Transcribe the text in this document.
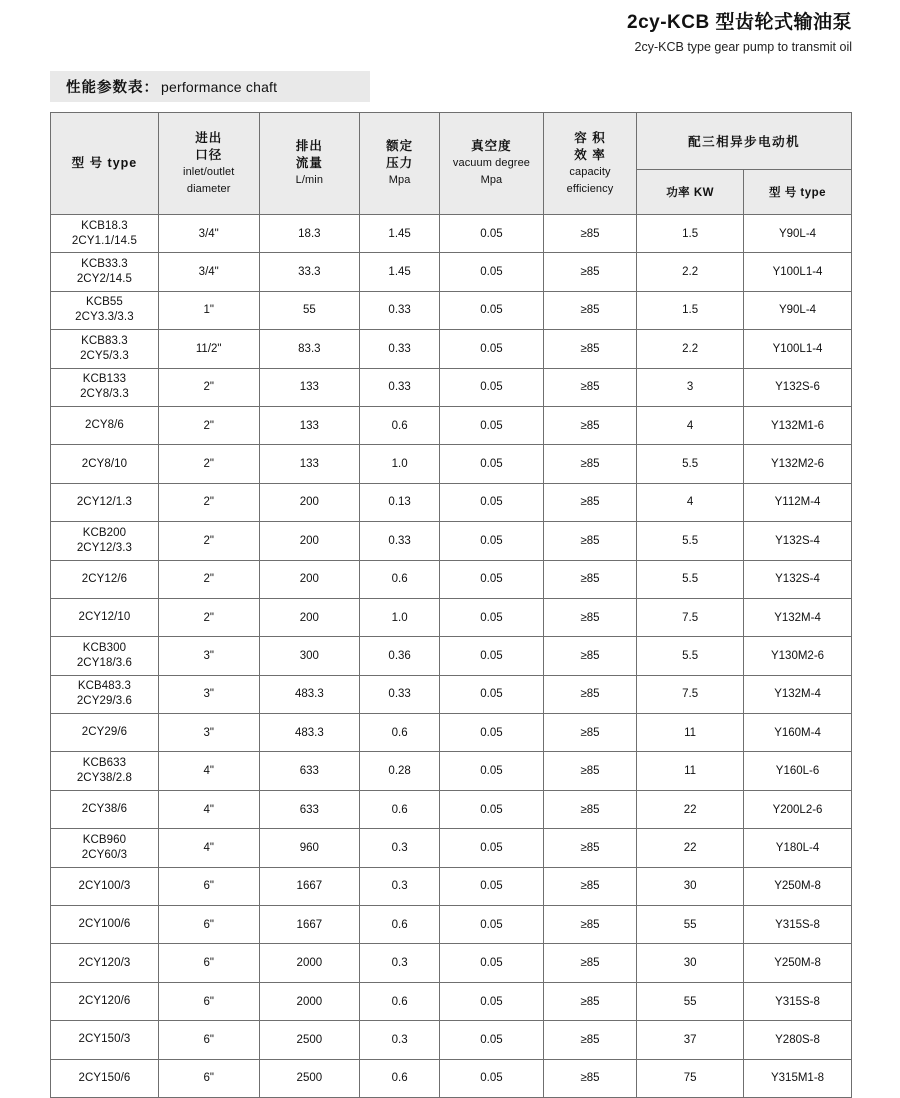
2cy-KCB 型齿轮式输油泵
2cy-KCB type gear pump to transmit oil
性能参数表： performance chaft
型 号 type	进出
口径
inlet/outlet
diameter	排出
流量
L/min	额定
压力
Mpa	真空度
vacuum degree
Mpa	容 积
效 率
capacity
efficiency	配三相异步电动机	
						功率 KW	型 号 type

KCB18.3
2CY1.1/14.5	3/4"	18.3	1.45	0.05	≥85	1.5	Y90L-4

KCB33.3
2CY2/14.5	3/4"	33.3	1.45	0.05	≥85	2.2	Y100L1-4

KCB55
2CY3.3/3.3	1"	55	0.33	0.05	≥85	1.5	Y90L-4

KCB83.3
2CY5/3.3	11/2"	83.3	0.33	0.05	≥85	2.2	Y100L1-4

KCB133
2CY8/3.3	2"	133	0.33	0.05	≥85	3	Y132S-6

2CY8/6	2"	133	0.6	0.05	≥85	4	Y132M1-6

2CY8/10	2"	133	1.0	0.05	≥85	5.5	Y132M2-6

2CY12/1.3	2"	200	0.13	0.05	≥85	4	Y112M-4

KCB200
2CY12/3.3	2"	200	0.33	0.05	≥85	5.5	Y132S-4

2CY12/6	2"	200	0.6	0.05	≥85	5.5	Y132S-4

2CY12/10	2"	200	1.0	0.05	≥85	7.5	Y132M-4

KCB300
2CY18/3.6	3"	300	0.36	0.05	≥85	5.5	Y130M2-6

KCB483.3
2CY29/3.6	3"	483.3	0.33	0.05	≥85	7.5	Y132M-4

2CY29/6	3"	483.3	0.6	0.05	≥85	11	Y160M-4

KCB633
2CY38/2.8	4"	633	0.28	0.05	≥85	11	Y160L-6

2CY38/6	4"	633	0.6	0.05	≥85	22	Y200L2-6

KCB960
2CY60/3	4"	960	0.3	0.05	≥85	22	Y180L-4

2CY100/3	6"	1667	0.3	0.05	≥85	30	Y250M-8

2CY100/6	6"	1667	0.6	0.05	≥85	55	Y315S-8

2CY120/3	6"	2000	0.3	0.05	≥85	30	Y250M-8

2CY120/6	6"	2000	0.6	0.05	≥85	55	Y315S-8

2CY150/3	6"	2500	0.3	0.05	≥85	37	Y280S-8

2CY150/6	6"	2500	0.6	0.05	≥85	75	Y315M1-8
